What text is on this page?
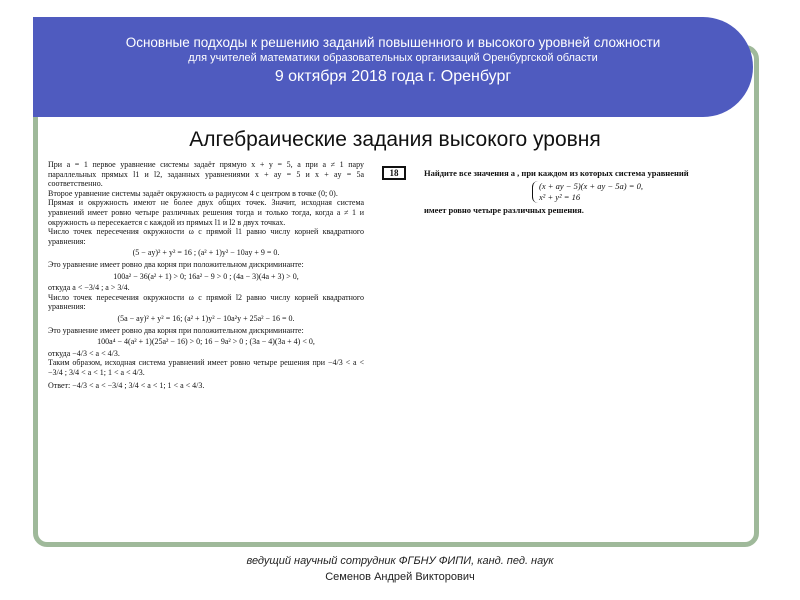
Основные подходы к решению заданий повышенного и высокого уровней сложности
для учителей математики образовательных организаций Оренбургской области
9 октября 2018 года г. Оренбург
Алгебраические задания высокого уровня

При a = 1 первое уравнение системы задаёт прямую x + y = 5, а при a ≠ 1 пару параллельных прямых l1 и l2, заданных уравнениями x + ay = 5 и x + ay = 5a соответственно.

Второе уравнение системы задаёт окружность ω радиусом 4 с центром в точке (0; 0).

Прямая и окружность имеют не более двух общих точек. Значит, исходная система уравнений имеет ровно четыре различных решения тогда и только тогда, когда a ≠ 1 и окружность ω пересекается с каждой из прямых l1 и l2 в двух точках.

Число точек пересечения окружности ω с прямой l1 равно числу корней квадратного уравнения:

(5 − ay)² + y² = 16 ; (a² + 1)y² − 10ay + 9 = 0.

Это уравнение имеет ровно два корня при положительном дискриминанте:

100a² − 36(a² + 1) > 0; 16a² − 9 > 0 ; (4a − 3)(4a + 3) > 0,

откуда a < −3/4 ; a > 3/4.

Число точек пересечения окружности ω с прямой l2 равно числу корней квадратного уравнения:

(5a − ay)² + y² = 16; (a² + 1)y² − 10a²y + 25a² − 16 = 0.

Это уравнение имеет ровно два корня при положительном дискриминанте:

100a⁴ − 4(a² + 1)(25a² − 16) > 0; 16 − 9a² > 0 ; (3a − 4)(3a + 4) < 0,

откуда −4/3 < a < 4/3.

Таким образом, исходная система уравнений имеет ровно четыре решения при −4/3 < a < −3/4 ; 3/4 < a < 1; 1 < a < 4/3.

Ответ: −4/3 < a < −3/4 ; 3/4 < a < 1; 1 < a < 4/3.

18	Найдите все значения a , при каждом из которых система уравнений
(x + ay − 5)(x + ay − 5a) = 0,
x² + y² = 16
имеет ровно четыре различных решения.
ведущий научный сотрудник ФГБНУ ФИПИ, канд. пед. наук
Семенов Андрей Викторович
